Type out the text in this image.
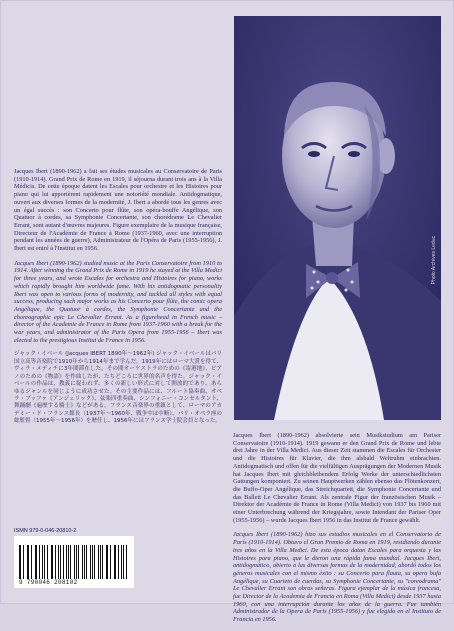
Photo Archives Leduc

Jacques Ibert (1890-1962) a fait ses études musicales au Conservatoire de Paris (1910-1914). Grand Prix de Rome en 1919, il séjourna durant trois ans à la Villa Médicis. De cette époque datent les Escales pour orchestre et les Histoires pour piano qui lui apportèrent rapidement une notoriété mondiale. Antidogmatique, ouvert aux diverses formes de la modernité, J. Ibert a abordé tous les genres avec un égal succès : son Concerto pour flûte, son opéra-bouffe Angélique, son Quatuor à cordes, sa Symphonie Concertante, son chorédrame Le Chevalier Errant, sont autant d'œuvres majeures. Figure exemplaire de la musique française, Directeur de l'Académie de France à Rome (1937-1960, avec une interruption pendant les années de guerre), Administrateur de l'Opéra de Paris (1955-1956), J. Ibert est entré à l'Institut en 1956.

Jacques Ibert (1890-1962) studied music at the Paris Conservatoire from 1910 to 1914. After winning the Grand Prix de Rome in 1919 he stayed at the Villa Medici for three years, and wrote Escales for orchestra and Histoires for piano, works which rapidly brought him worldwide fame. With his antidogmatic personality Ibert was open to various forms of modernity, and tackled all styles with equal success, producing such major works as his Concerto pour flûte, the comic opera Angélique, the Quatuor à cordes, the Symphonie Concertante and the choreographic epic Le Chevalier Errant. As a figurehead in French music – director of the Academie de France in Rome from 1937-1960 with a break for the war years, and administrator of the Paris Opera from 1955-1956 – Ibert was elected to the prestigious Institut de France in 1956.

ジャック・イベール (Jacques IBERT 1890年〜1962年) ジャック・イベールはパリ国立高等音楽院で1910年から1914年まで学んだ。1919年にはローマ大賞を得て、ヴィラ・メディチに3年間滞在した。その間オーケストラのための《寄港地》、ピアノのための《物語》を作曲したが、たちどころに世界的名声を得た。ジャック・イベールの作品は、教義に捉われず、多くの新しい形式に対して開放的であり、あらゆるジャンルを同じように成功させた。その主要作品には、フルート協奏曲、オペラ・ブッファ《アンジェリック》、弦楽四重奏曲、シンフォニー・コンセルタント、舞踊劇《遍歴する騎士》などがある。フランス音楽界の重鎮として、ローマのアカデミー・ド・フランス館長（1937年〜1960年、戦争中は中断）、パリ・オペラ座の総監督（1955年〜1956年）を歴任し、1956年にはフランス学士院会員となった。

Jacques Ibert (1890-1962) absolvierte sein Musikstudium am Pariser Conservatoire (1910-1914). 1919 gewann er den Grand Prix de Rome und lebte drei Jahre in der Villa Medici. Aus dieser Zeit stammen die Escales für Orchester und die Histoires für Klavier, die ihm alsbald Weltruhm einbrachten. Antidogmatisch und offen für die vielfältigen Ausprägungen der Modernen Musik hat Jacques Ibert mit gleichbleibendem Erfolg Werke der unterschiedlichsten Gattungen komponiert. Zu seinen Hauptwerken zählen ebenso das Flötenkonzert, die Buffo-Oper Angélique, das Streichquartett, die Symphonie Concertante und das Ballett Le Chevalier Errant. Als zentrale Figur der französischen Musik – Direktor der Académie de France in Rome (Villa Medici) von 1937 bis 1960 mit einer Unterbrechung während der Kriegsjahre, sowie Intendant der Pariser Oper (1955-1956) – wurde Jacques Ibert 1956 in das Institut de France gewählt.

Jacques Ibert (1890-1962) hizo sus estudios musicales en el Conservatorio de París (1910-1914). Obtuvo el Gran Premio de Roma en 1919, residiendo durante tres años en la Villa Medici. De esta época datan Escales para orquesta y las Histoires para piano, que le dieron una rápida fama mundial. Jacques Ibert, antidogmático, abierto a las diversas formas de la modernidad, abordó todos los géneros musicales con el mismo éxito : su Concerto para flauta, su opera bufa Angélique, su Cuarteto de cuerdas, su Symphonie Concertante, su "coreodrama" Le Chevalier Errant son obras señeras. Figura ejemplar de la música francesa, fue Director de la Academia de Francia en Roma (Villa Medici) desde 1937 hasta 1960, con una interrupción durante los años de la guerra. Fue también Administrador de la Opera de Paris (1955-1956) y fue elegido en el Instituto de Francia en 1956.

ISMN 979-0-046-20810-2
9 790046 208102
